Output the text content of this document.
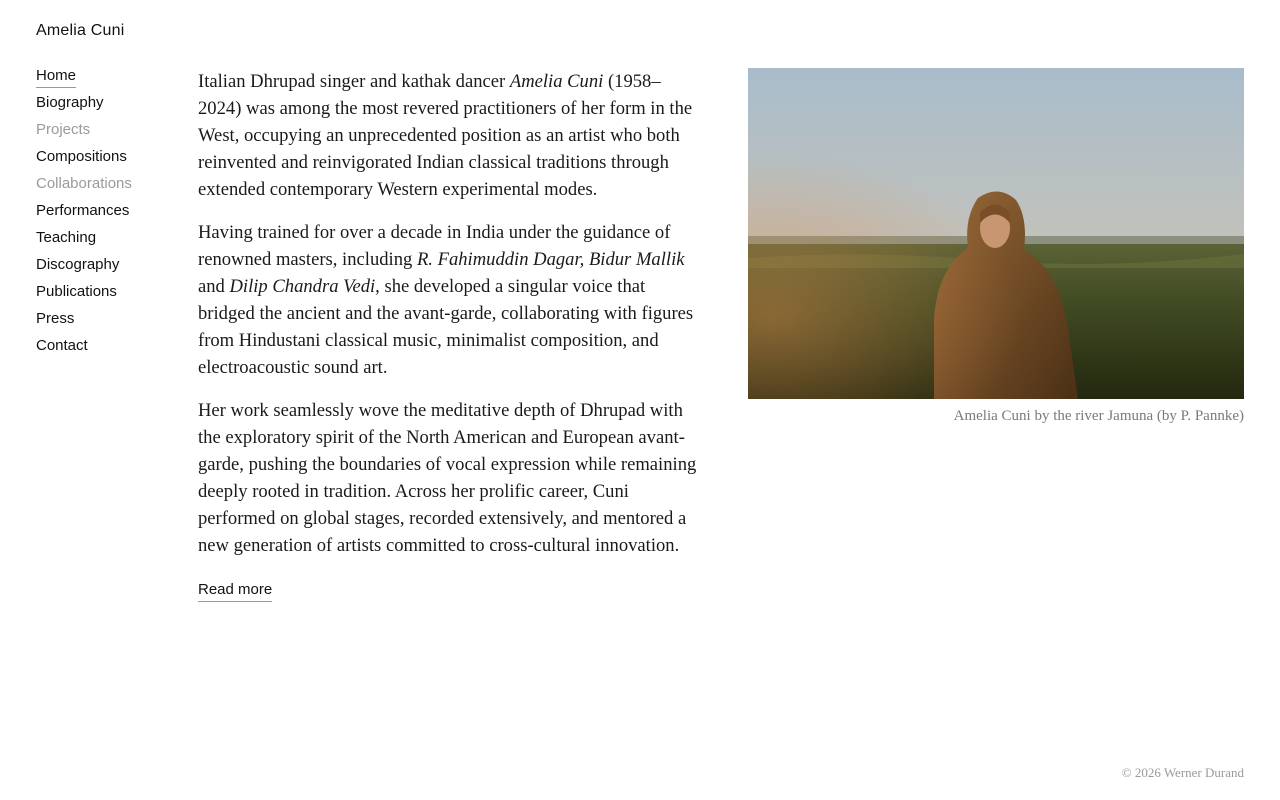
Amelia Cuni
Home
Biography
Projects
Compositions
Collaborations
Performances
Teaching
Discography
Publications
Press
Contact

Italian Dhrupad singer and kathak dancer Amelia Cuni (1958–2024) was among the most revered practitioners of her form in the West, occupying an unprecedented position as an artist who both reinvented and reinvigorated Indian classical traditions through extended contemporary Western experimental modes.

Having trained for over a decade in India under the guidance of renowned masters, including R. Fahimuddin Dagar, Bidur Mallik and Dilip Chandra Vedi, she developed a singular voice that bridged the ancient and the avant-garde, collaborating with figures from Hindustani classical music, minimalist composition, and electroacoustic sound art.

Her work seamlessly wove the meditative depth of Dhrupad with the exploratory spirit of the North American and European avant-garde, pushing the boundaries of vocal expression while remaining deeply rooted in tradition. Across her prolific career, Cuni performed on global stages, recorded extensively, and mentored a new generation of artists committed to cross-cultural innovation.

Read more
Amelia Cuni by the river Jamuna (by P. Pannke)
© 2026 Werner Durand
